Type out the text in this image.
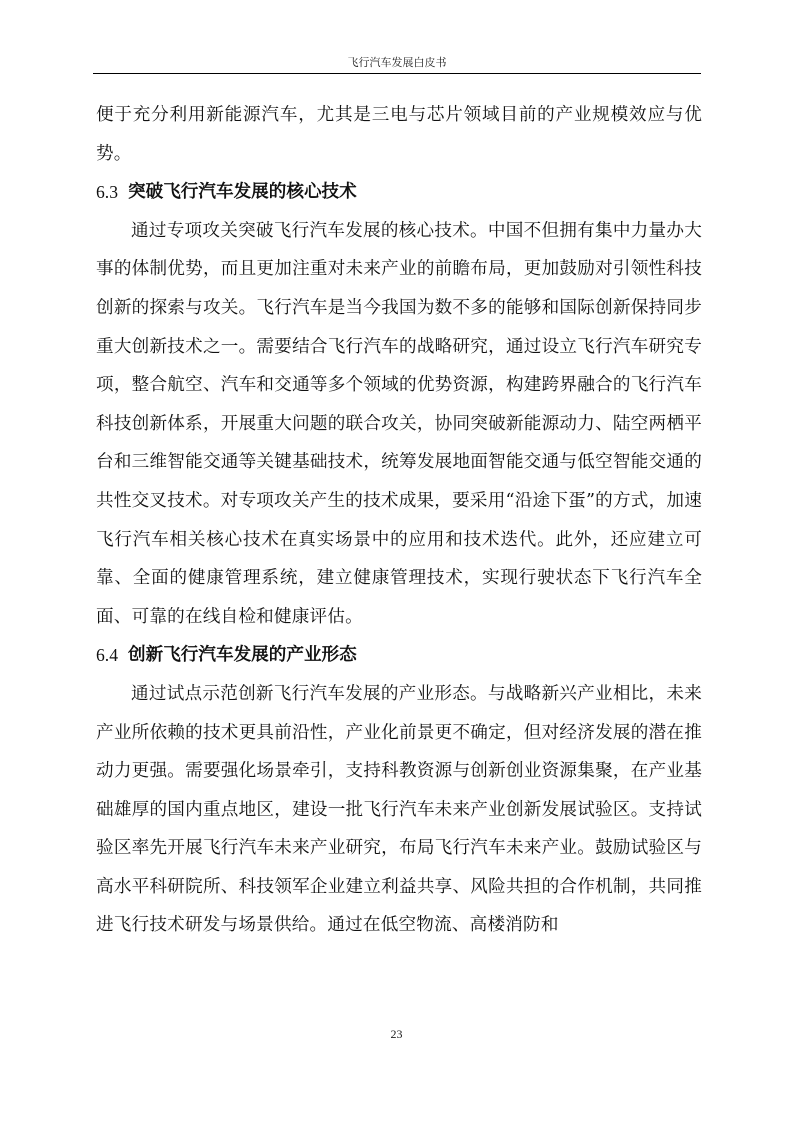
飞行汽车发展白皮书

便于充分利用新能源汽车，尤其是三电与芯片领域目前的产业规模效应与优势。

6.3 突破飞行汽车发展的核心技术

通过专项攻关突破飞行汽车发展的核心技术。中国不但拥有集中力量办大事的体制优势，而且更加注重对未来产业的前瞻布局，更加鼓励对引领性科技创新的探索与攻关。飞行汽车是当今我国为数不多的能够和国际创新保持同步重大创新技术之一。需要结合飞行汽车的战略研究，通过设立飞行汽车研究专项，整合航空、汽车和交通等多个领域的优势资源，构建跨界融合的飞行汽车科技创新体系，开展重大问题的联合攻关，协同突破新能源动力、陆空两栖平台和三维智能交通等关键基础技术，统筹发展地面智能交通与低空智能交通的共性交叉技术。对专项攻关产生的技术成果，要采用“沿途下蛋”的方式，加速飞行汽车相关核心技术在真实场景中的应用和技术迭代。此外，还应建立可靠、全面的健康管理系统，建立健康管理技术，实现行驶状态下飞行汽车全面、可靠的在线自检和健康评估。

6.4 创新飞行汽车发展的产业形态

通过试点示范创新飞行汽车发展的产业形态。与战略新兴产业相比，未来产业所依赖的技术更具前沿性，产业化前景更不确定，但对经济发展的潜在推动力更强。需要强化场景牵引，支持科教资源与创新创业资源集聚，在产业基础雄厚的国内重点地区，建设一批飞行汽车未来产业创新发展试验区。支持试验区率先开展飞行汽车未来产业研究，布局飞行汽车未来产业。鼓励试验区与高水平科研院所、科技领军企业建立利益共享、风险共担的合作机制，共同推进飞行技术研发与场景供给。通过在低空物流、高楼消防和

23
